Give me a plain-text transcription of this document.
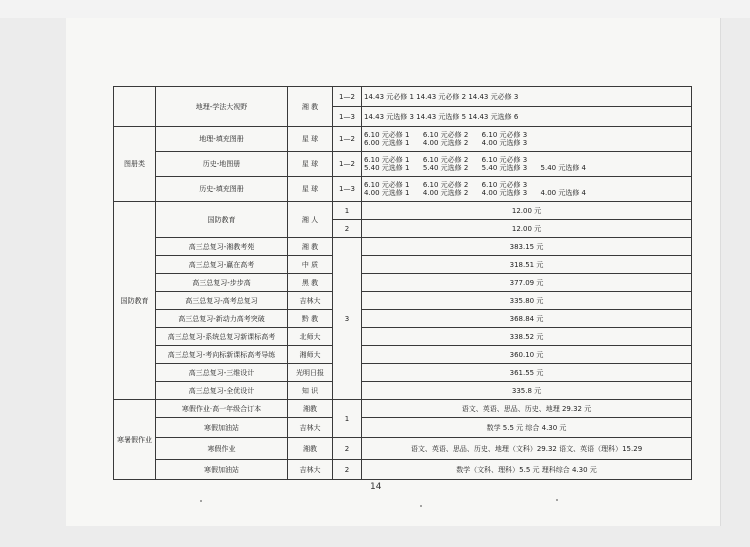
	地理-学法大视野	湘 教	1—2	14.43 元必修 1 14.43 元必修 2 14.43 元必修 3
			1—3	14.43 元选修 3 14.43 元选修 5 14.43 元选修 6
图册类	地理-填充图册	星 球	1—2	6.10 元必修 1      6.10 元必修 2      6.10 元必修 3
6.00 元选修 1      4.00 元选修 2      4.00 元选修 3

	历史-地图册	星 球	1—2	6.10 元必修 1      6.10 元必修 2      6.10 元必修 3
5.40 元选修 1      5.40 元选修 2      5.40 元选修 3      5.40 元选修 4

	历史-填充图册	星 球	1—3	6.10 元必修 1      6.10 元必修 2      6.10 元必修 3
4.00 元选修 1      4.00 元选修 2      4.00 元选修 3      4.00 元选修 4

国防教育	国防教育	湘 人	1	12.00 元
			2	12.00 元
	高三总复习-湘教考苑	湘 教	3	383.15 元
	高三总复习-赢在高考	中 质		318.51 元
	高三总复习-步步高	黑 教		377.09 元
	高三总复习-高考总复习	吉林大		335.80 元
	高三总复习-新动力高考突破	黔 教		368.84 元
	高三总复习-系统总复习新课标高考	北师大		338.52 元
	高三总复习-考向标新课标高考导练	湘师大		360.10 元
	高三总复习-三维设计	光明日报		361.55 元
	高三总复习-全优设计	知 识		335.8 元
寒暑假作业	寒假作业·高一年级合订本	湘教	1	语文、英语、思品、历史、地理 29.32 元
	寒假加油站	吉林大		数学 5.5 元 综合 4.30 元
	寒假作业	湘教	2	语文、英语、思品、历史、地理（文科）29.32 语文、英语（理科）15.29
	寒假加油站	吉林大	2	数学（文科、理科）5.5 元 理科综合 4.30 元
14
